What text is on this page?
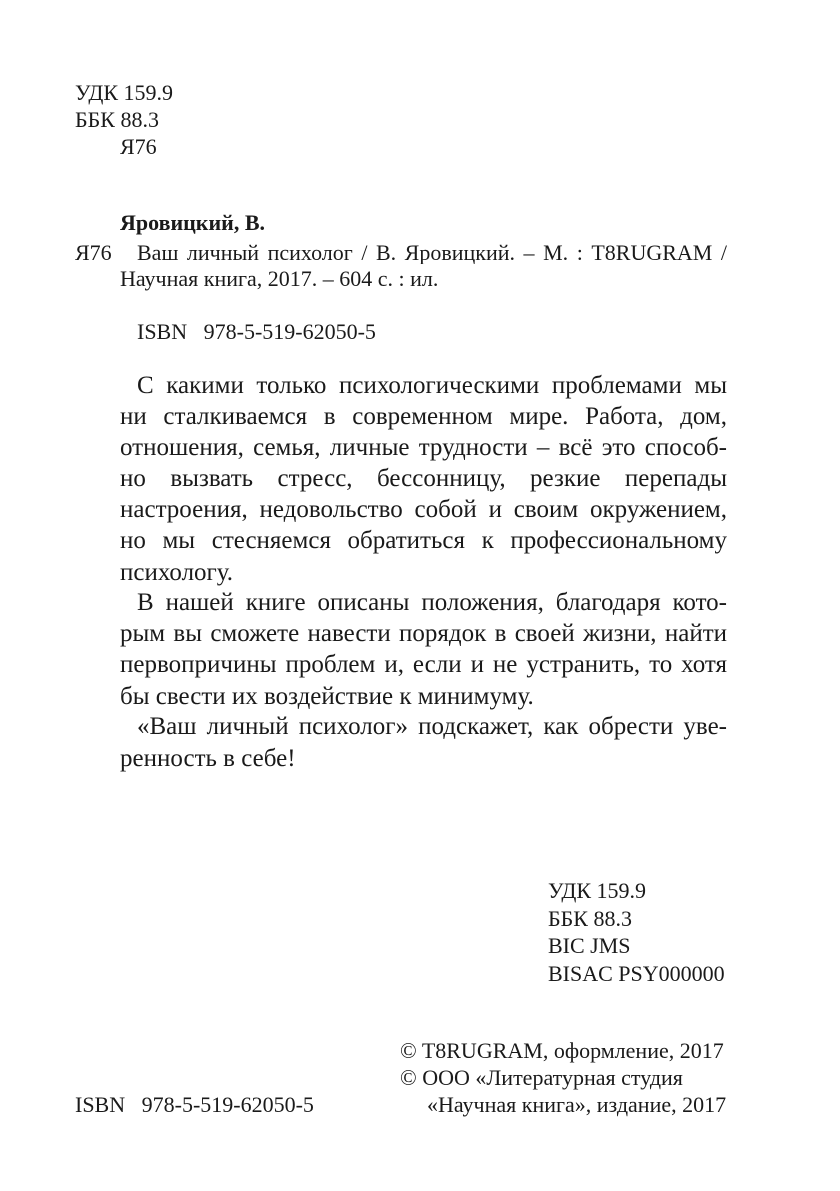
УДК 159.9
ББК 88.3
Я76
Яровицкий, В.
Я76 Ваш личный психолог / В. Яровицкий. – М. : T8RUGRAM /
Научная книга, 2017. – 604 с. : ил.
ISBN   978-5-519-62050-5
С какими только психологическими проблемами мы
ни сталкиваемся в современном мире. Работа, дом,
отношения, семья, личные трудности – всё это способ-
но вызвать стресс, бессонницу, резкие перепады
настроения, недовольство собой и своим окружением,
но мы стесняемся обратиться к профессиональному
психологу.
В нашей книге описаны положения, благодаря кото-
рым вы сможете навести порядок в своей жизни, найти
первопричины проблем и, если и не устранить, то хотя
бы свести их воздействие к минимуму.
«Ваш личный психолог» подскажет, как обрести уве-
ренность в себе!
УДК 159.9
ББК 88.3
BIC JMS
BISAC PSY000000
© T8RUGRAM, оформление, 2017
© ООО «Литературная студия
«Научная книга», издание, 2017
ISBN   978-5-519-62050-5
